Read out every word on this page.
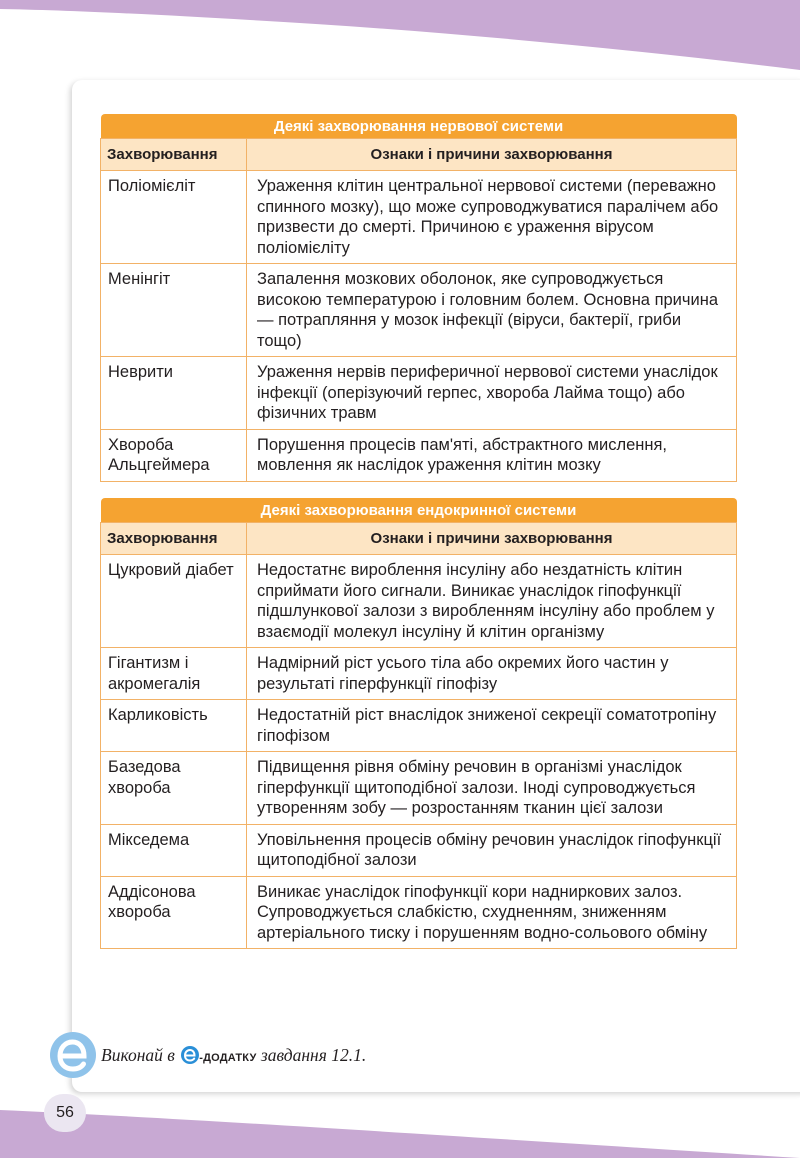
Деякі захворювання нервової системи	
Захворювання	Ознаки і причини захворювання
Поліомієліт	Ураження клітин центральної нервової системи (переважно спинного мозку), що може супроводжуватися паралічем або призвести до смерті. Причиною є ураження вірусом поліомієліту
Менінгіт	Запалення мозкових оболонок, яке супроводжується високою температурою і головним болем. Основна причина — потрапляння у мозок інфекції (віруси, бактерії, гриби тощо)
Неврити	Ураження нервів периферичної нервової системи унаслідок інфекції (оперізуючий герпес, хвороба Лайма тощо) або фізичних травм
Хвороба Альцгеймера	Порушення процесів пам'яті, абстрактного мислення, мовлення як наслідок ураження клітин мозку
Деякі захворювання ендокринної системи	
Захворювання	Ознаки і причини захворювання
Цукровий діабет	Недостатнє вироблення інсуліну або нездатність клітин сприймати його сигнали. Виникає унаслідок гіпофункції підшлункової залози з виробленням інсуліну або проблем у взаємодії молекул інсуліну й клітин організму
Гігантизм і акромегалія	Надмірний ріст усього тіла або окремих його частин у результаті гіперфункції гіпофізу
Карликовість	Недостатній ріст внаслідок зниженої секреції соматотропіну гіпофізом
Базедова хвороба	Підвищення рівня обміну речовин в організмі унаслідок гіперфункції щитоподібної залози. Іноді супроводжується утворенням зобу — розростанням тканин цієї залози
Мікседема	Уповільнення процесів обміну речовин унаслідок гіпофункції щитоподібної залози
Аддісонова хвороба	Виникає унаслідок гіпофункції кори надниркових залоз. Супроводжується слабкістю, схудненням, зниженням артеріального тиску і порушенням водно-сольового обміну
Виконай в -ДОДАТКУ завдання 12.1.
56
